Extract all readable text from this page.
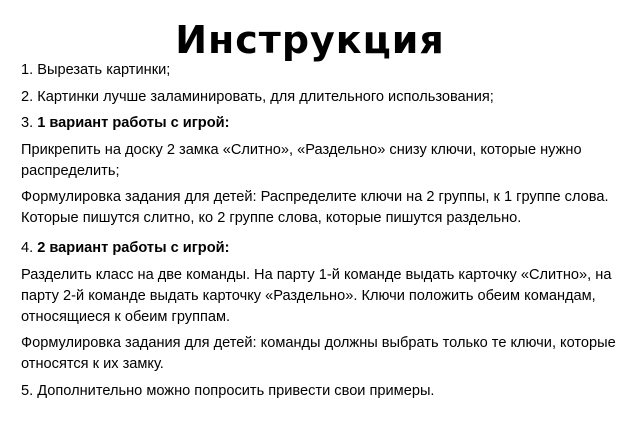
Инструкция

1. Вырезать картинки;

2. Картинки лучше заламинировать, для длительного использования;

3. 1 вариант работы с игрой:

Прикрепить на доску 2 замка «Слитно», «Раздельно» снизу ключи, которые нужно распределить;

Формулировка задания для детей: Распределите ключи на 2 группы, к 1 группе слова. Которые пишутся слитно, ко 2 группе слова, которые пишутся раздельно.

4. 2 вариант работы с игрой:

Разделить класс на две команды. На парту 1-й команде выдать карточку «Слитно», на парту 2-й команде выдать карточку «Раздельно». Ключи положить обеим командам, относящиеся к обеим группам.

Формулировка задания для детей: команды должны выбрать только те ключи, которые относятся к их замку.

5. Дополнительно можно попросить привести свои примеры.
